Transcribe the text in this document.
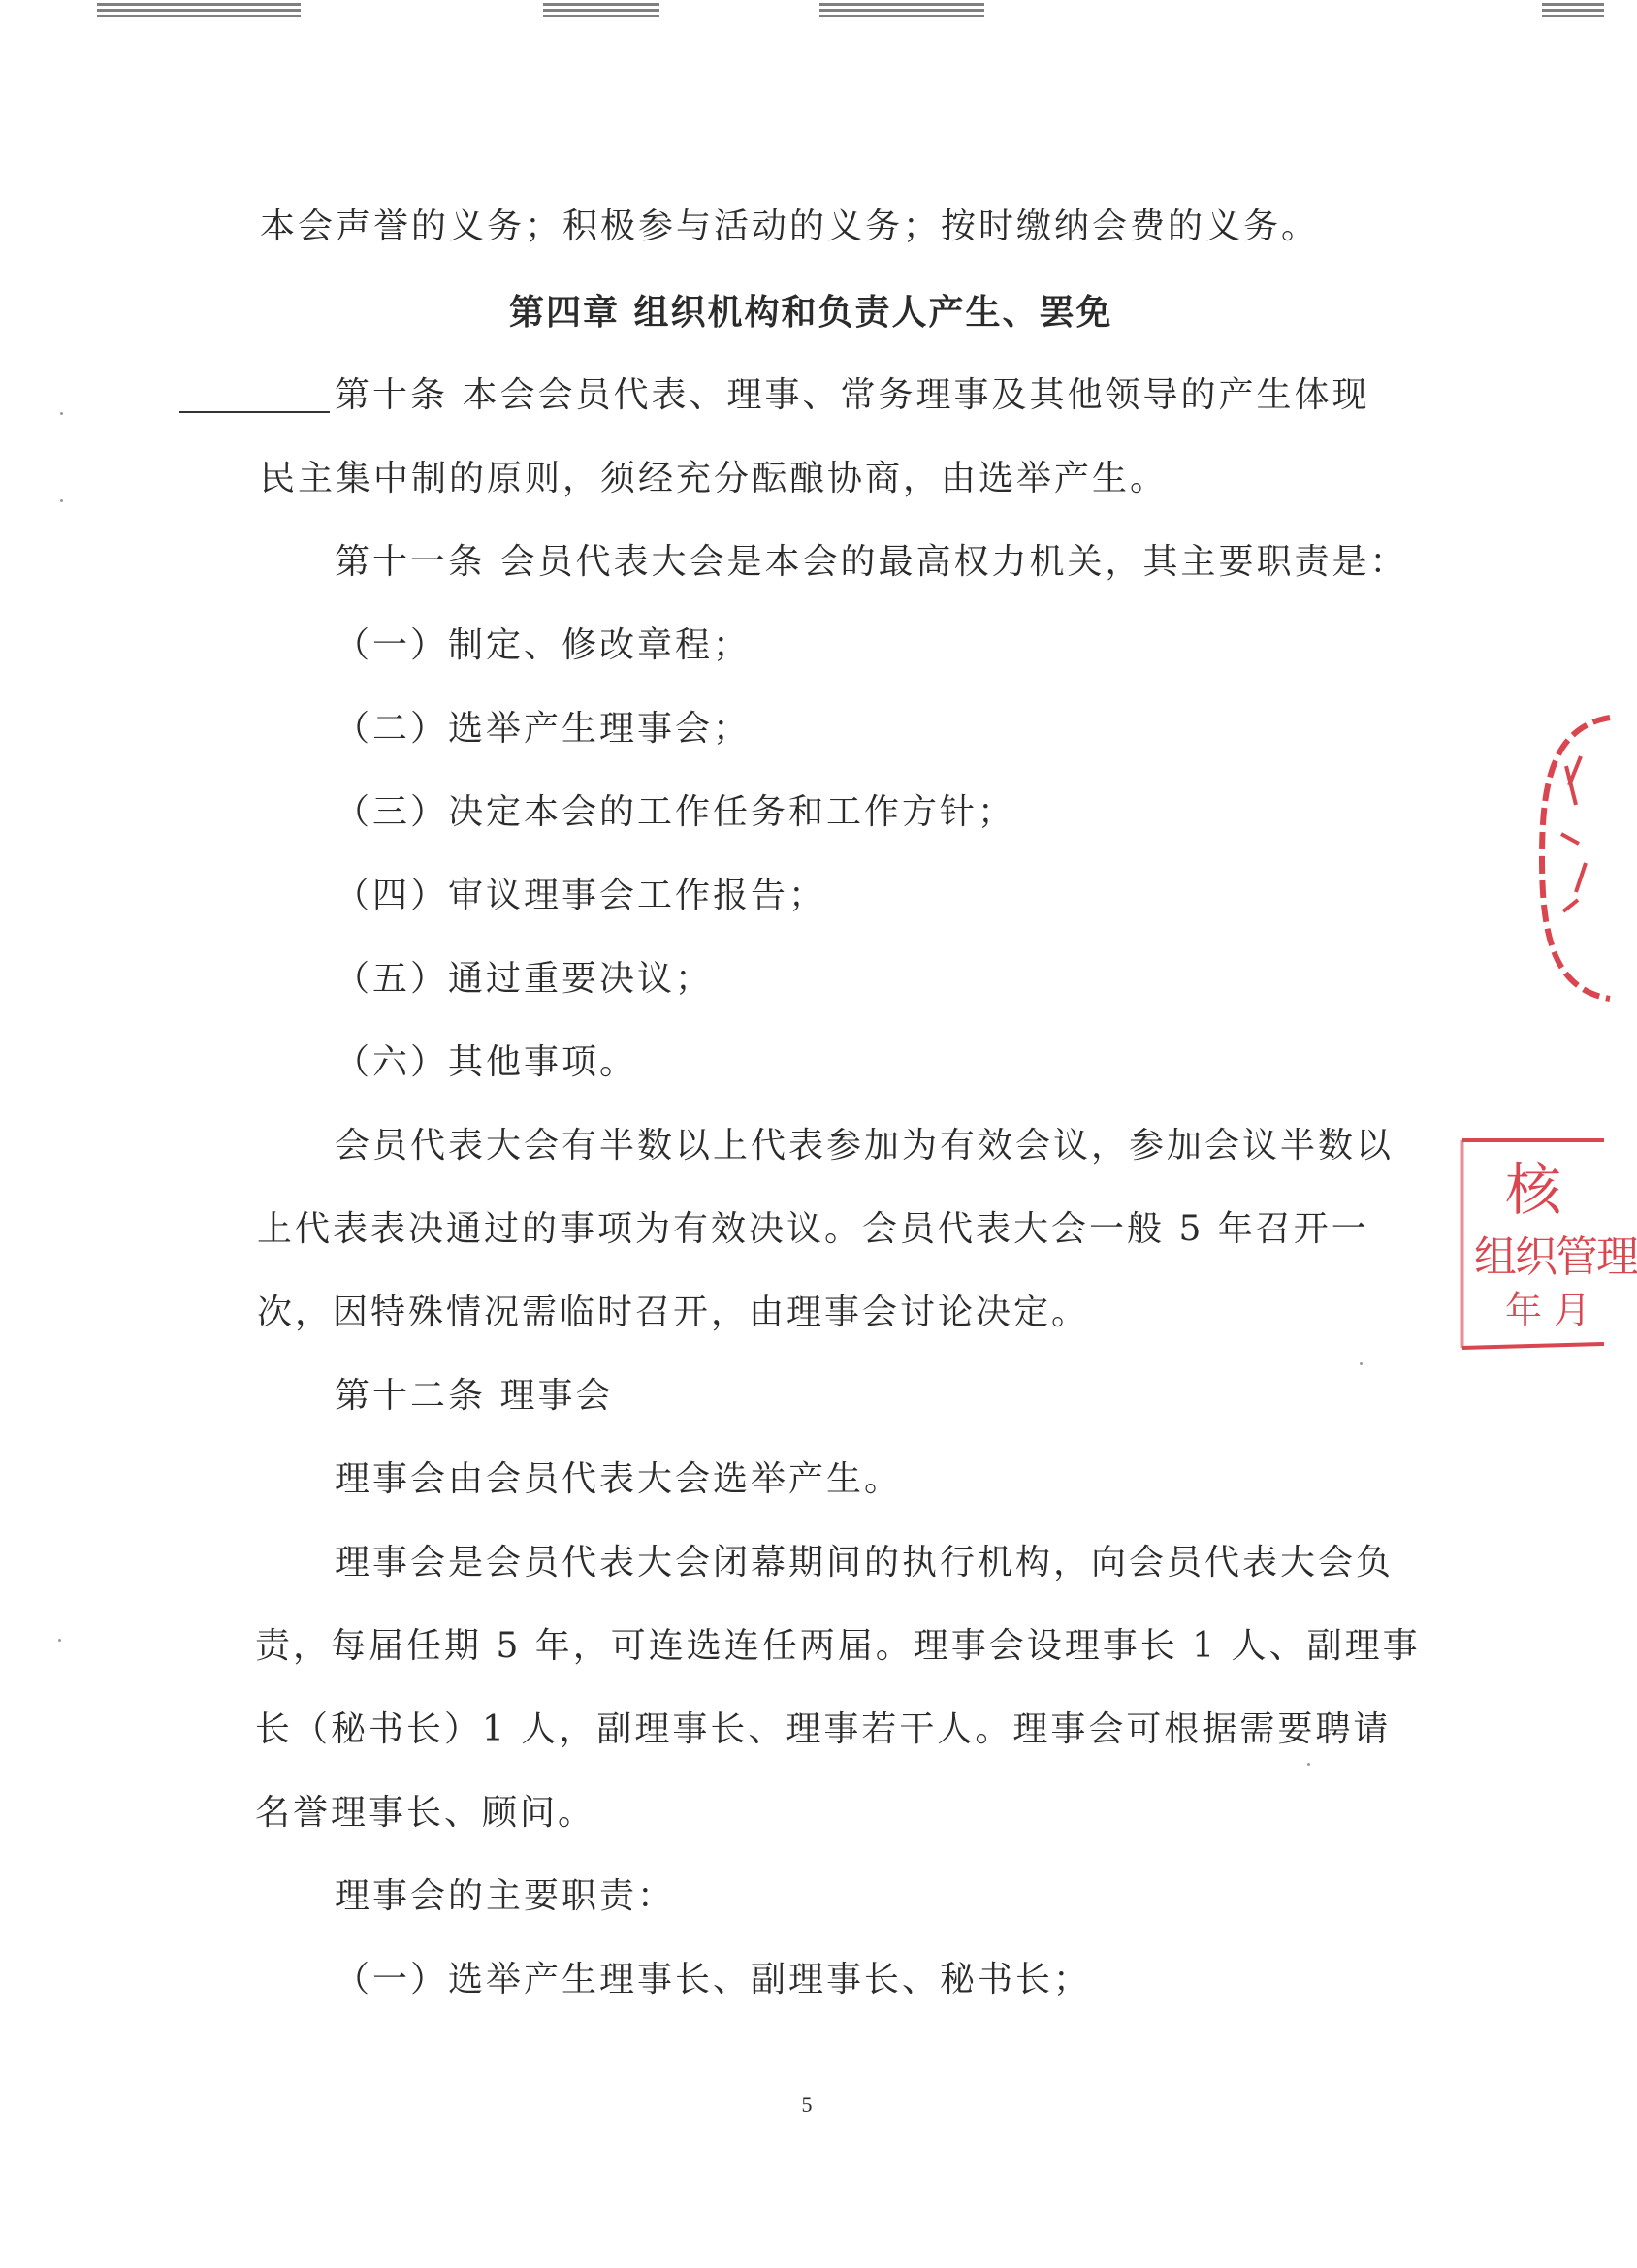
本会声誉的义务；积极参与活动的义务；按时缴纳会费的义务。
第四章 组织机构和负责人产生、罢免
第十条 本会会员代表、理事、常务理事及其他领导的产生体现
民主集中制的原则，须经充分酝酿协商，由选举产生。
第十一条 会员代表大会是本会的最高权力机关，其主要职责是：
（一）制定、修改章程；
（二）选举产生理事会；
（三）决定本会的工作任务和工作方针；
（四）审议理事会工作报告；
（五）通过重要决议；
（六）其他事项。
会员代表大会有半数以上代表参加为有效会议，参加会议半数以
上代表表决通过的事项为有效决议。会员代表大会一般 5 年召开一
次，因特殊情况需临时召开，由理事会讨论决定。
第十二条 理事会
理事会由会员代表大会选举产生。
理事会是会员代表大会闭幕期间的执行机构，向会员代表大会负
责，每届任期 5 年，可连选连任两届。理事会设理事长 1 人、副理事
长（秘书长）1 人，副理事长、理事若干人。理事会可根据需要聘请
名誉理事长、顾问。
理事会的主要职责：
（一）选举产生理事长、副理事长、秘书长；
5
核
组织管理
年 月
